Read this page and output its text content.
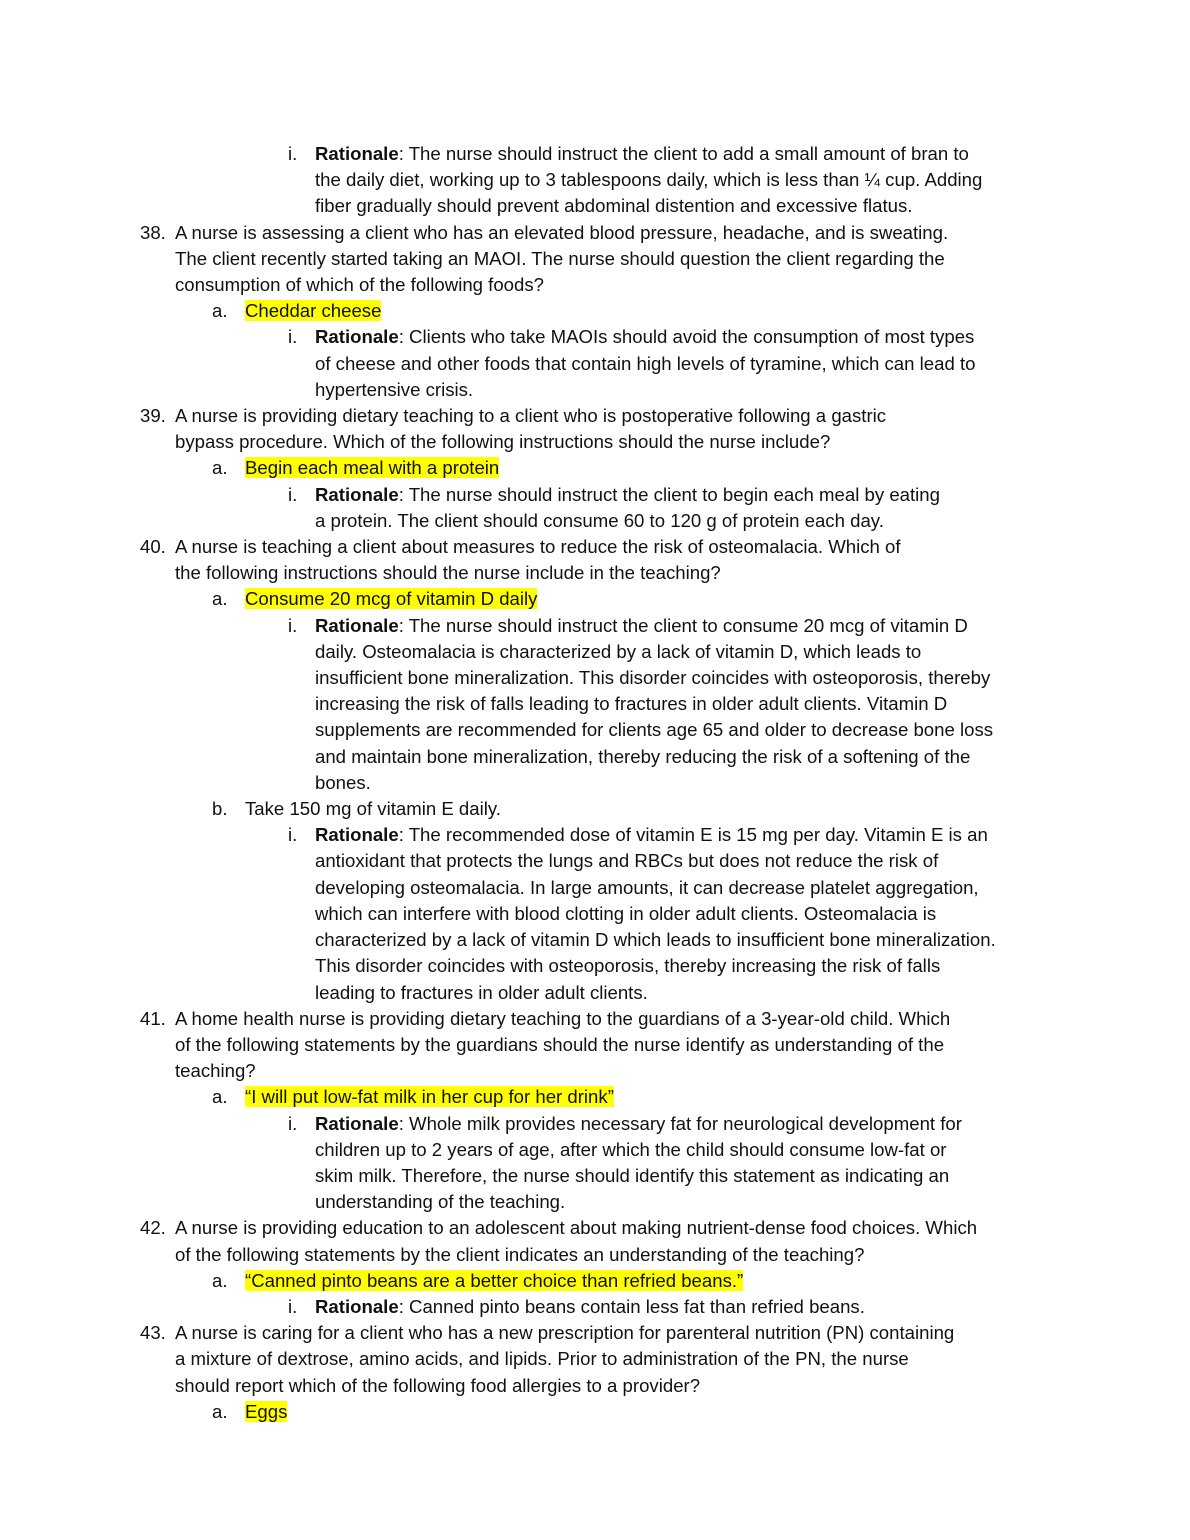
i. Rationale: The nurse should instruct the client to add a small amount of bran to
the daily diet, working up to 3 tablespoons daily, which is less than ¼ cup. Adding
fiber gradually should prevent abdominal distention and excessive flatus.
38. A nurse is assessing a client who has an elevated blood pressure, headache, and is sweating.
The client recently started taking an MAOI. The nurse should question the client regarding the
consumption of which of the following foods?
a. Cheddar cheese
i. Rationale: Clients who take MAOIs should avoid the consumption of most types
of cheese and other foods that contain high levels of tyramine, which can lead to
hypertensive crisis.
39. A nurse is providing dietary teaching to a client who is postoperative following a gastric
bypass procedure. Which of the following instructions should the nurse include?
a. Begin each meal with a protein
i. Rationale: The nurse should instruct the client to begin each meal by eating
a protein. The client should consume 60 to 120 g of protein each day.
40. A nurse is teaching a client about measures to reduce the risk of osteomalacia. Which of
the following instructions should the nurse include in the teaching?
a. Consume 20 mcg of vitamin D daily
i. Rationale: The nurse should instruct the client to consume 20 mcg of vitamin D
daily. Osteomalacia is characterized by a lack of vitamin D, which leads to
insufficient bone mineralization. This disorder coincides with osteoporosis, thereby
increasing the risk of falls leading to fractures in older adult clients. Vitamin D
supplements are recommended for clients age 65 and older to decrease bone loss
and maintain bone mineralization, thereby reducing the risk of a softening of the
bones.
b. Take 150 mg of vitamin E daily.
i. Rationale: The recommended dose of vitamin E is 15 mg per day. Vitamin E is an
antioxidant that protects the lungs and RBCs but does not reduce the risk of
developing osteomalacia. In large amounts, it can decrease platelet aggregation,
which can interfere with blood clotting in older adult clients. Osteomalacia is
characterized by a lack of vitamin D which leads to insufficient bone mineralization.
This disorder coincides with osteoporosis, thereby increasing the risk of falls
leading to fractures in older adult clients.
41. A home health nurse is providing dietary teaching to the guardians of a 3-year-old child. Which
of the following statements by the guardians should the nurse identify as understanding of the
teaching?
a. “I will put low-fat milk in her cup for her drink”
i. Rationale: Whole milk provides necessary fat for neurological development for
children up to 2 years of age, after which the child should consume low-fat or
skim milk. Therefore, the nurse should identify this statement as indicating an
understanding of the teaching.
42. A nurse is providing education to an adolescent about making nutrient-dense food choices. Which
of the following statements by the client indicates an understanding of the teaching?
a. “Canned pinto beans are a better choice than refried beans.”
i. Rationale: Canned pinto beans contain less fat than refried beans.
43. A nurse is caring for a client who has a new prescription for parenteral nutrition (PN) containing
a mixture of dextrose, amino acids, and lipids. Prior to administration of the PN, the nurse
should report which of the following food allergies to a provider?
a. Eggs
